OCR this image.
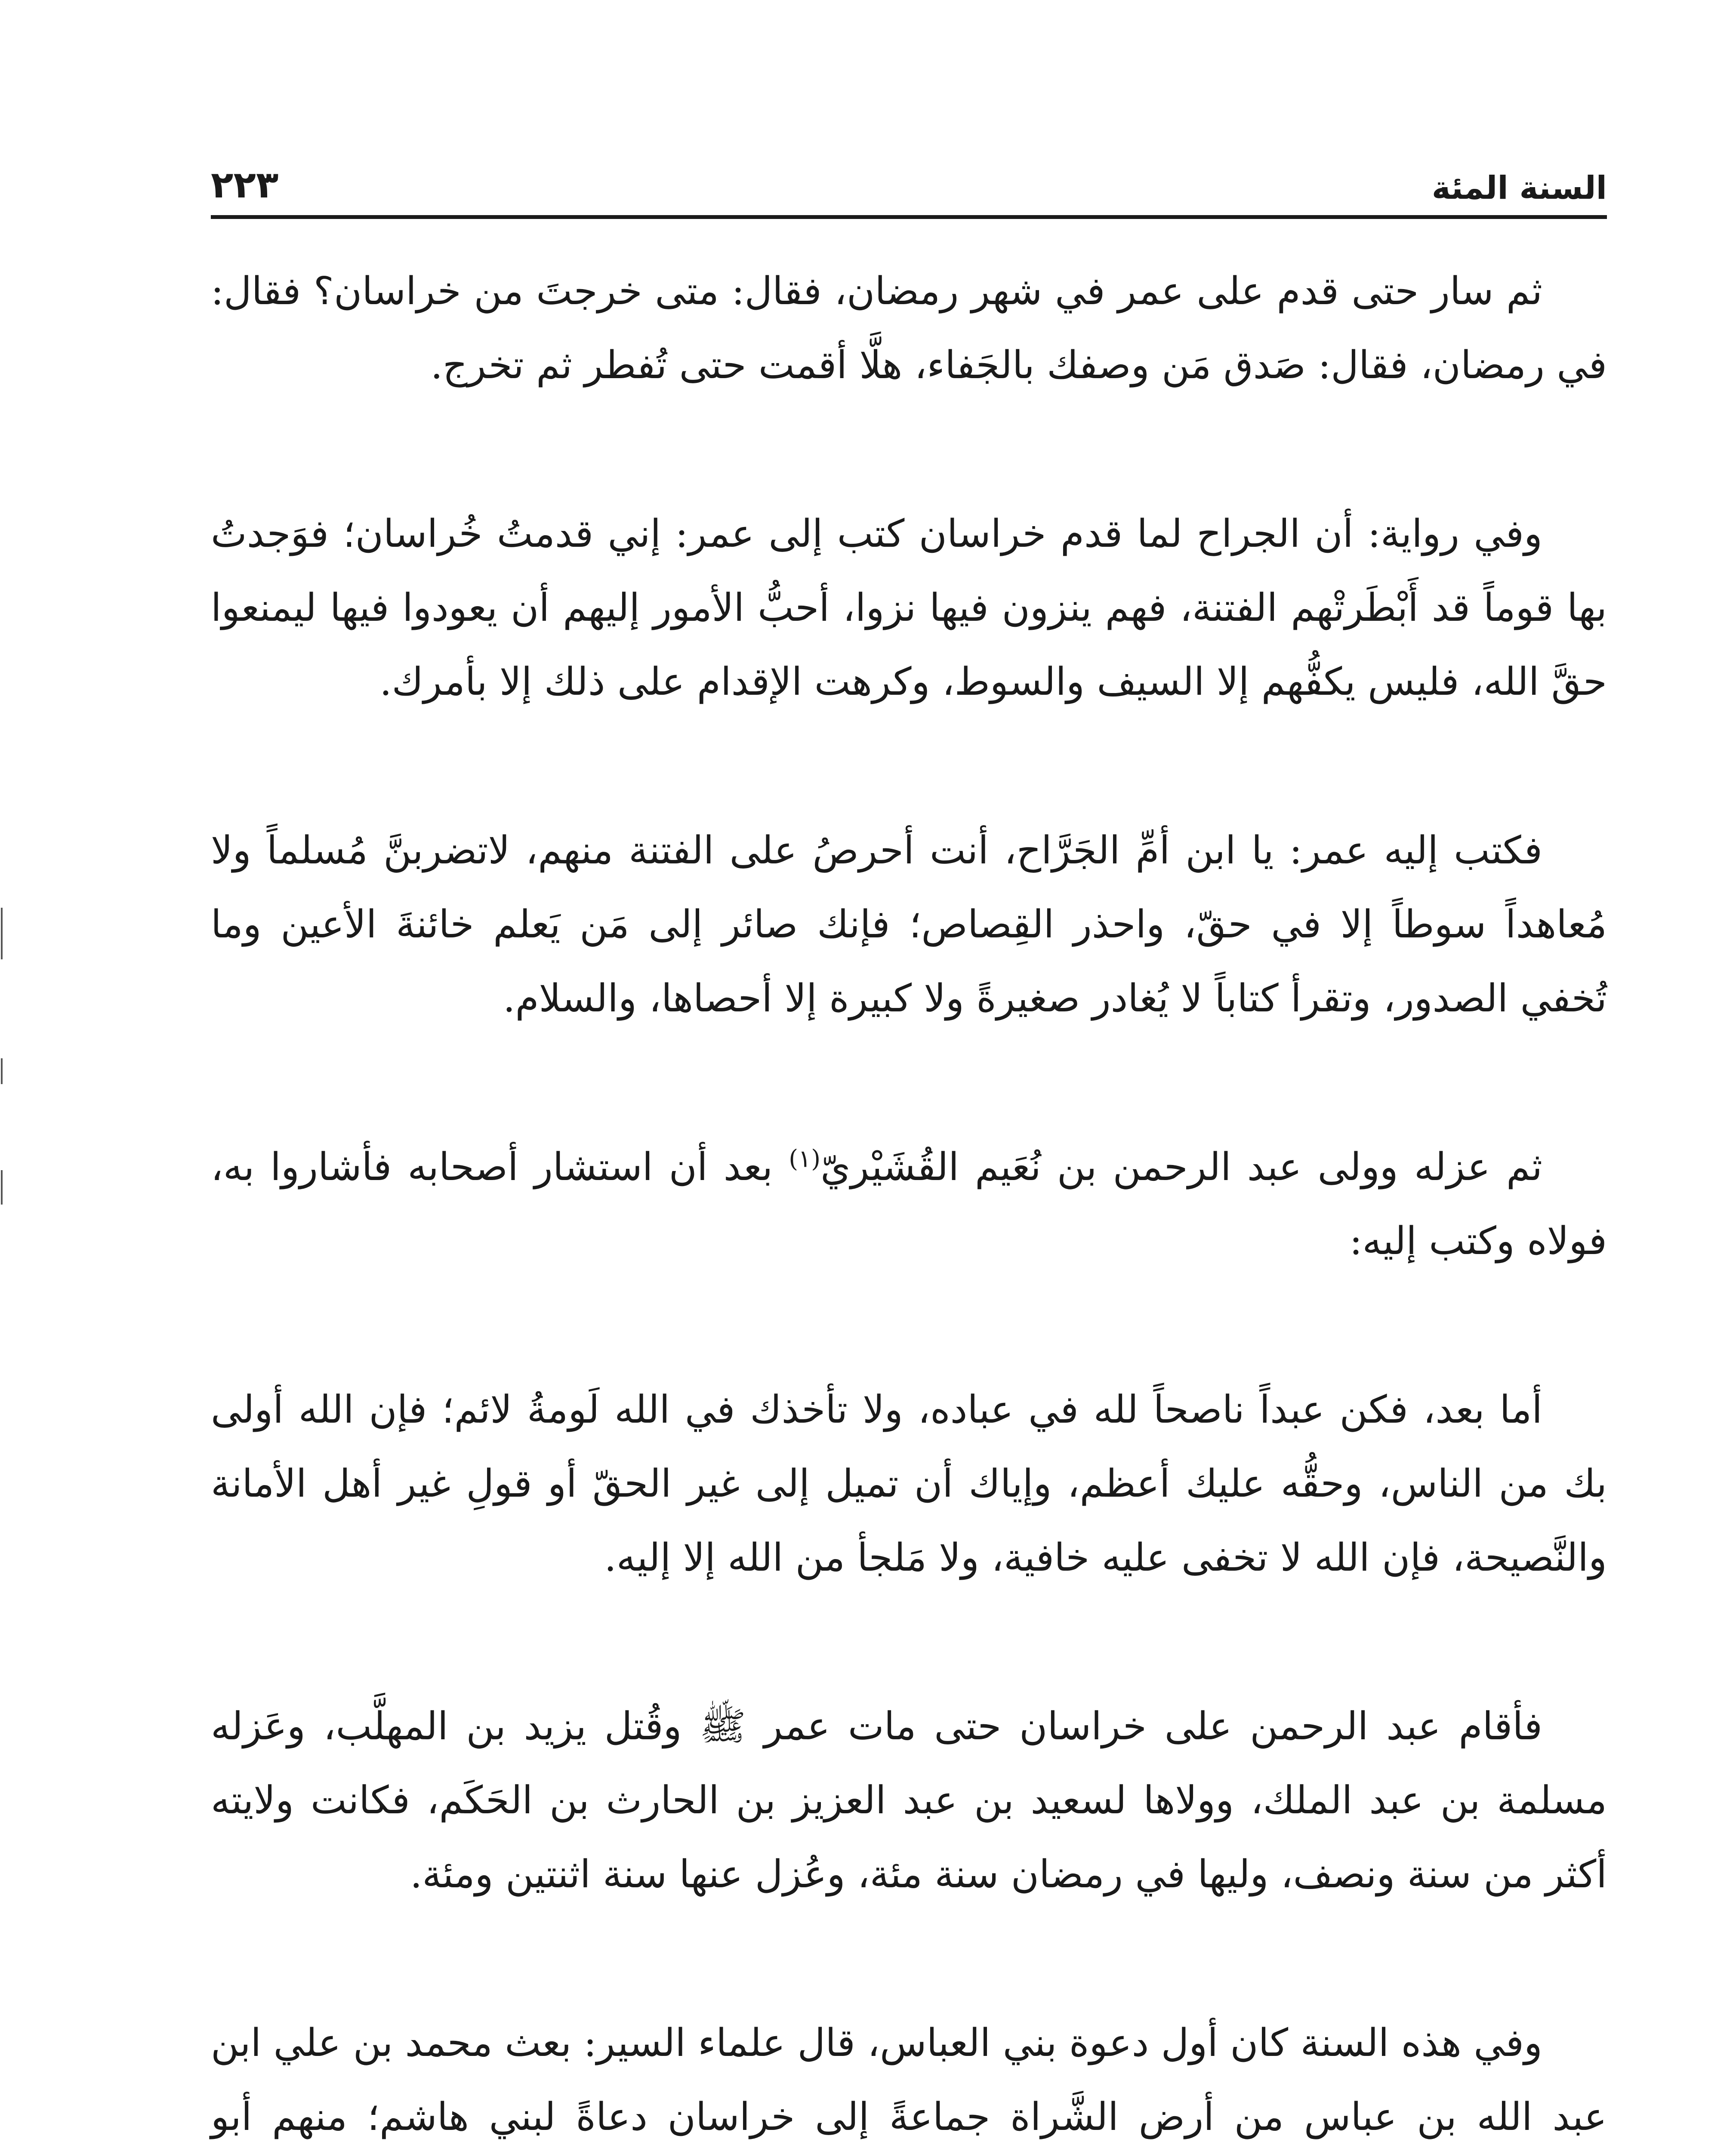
السنة المئة
٢٢٣

ثم سار حتى قدم على عمر في شهر رمضان، فقال: متى خرجتَ من خراسان؟ فقال: في رمضان، فقال: صَدق مَن وصفك بالجَفاء، هلَّا أقمت حتى تُفطر ثم تخرج.

وفي رواية: أن الجراح لما قدم خراسان كتب إلى عمر: إني قدمتُ خُراسان؛ فوَجدتُ بها قوماً قد أَبْطَرتْهم الفتنة، فهم ينزون فيها نزوا، أحبُّ الأمور إليهم أن يعودوا فيها ليمنعوا حقَّ الله، فليس يكفُّهم إلا السيف والسوط، وكرهت الإقدام على ذلك إلا بأمرك.

فكتب إليه عمر: يا ابن أمِّ الجَرَّاح، أنت أحرصُ على الفتنة منهم، لاتضربنَّ مُسلماً ولا مُعاهداً سوطاً إلا في حقّ، واحذر القِصاص؛ فإنك صائر إلى مَن يَعلم خائنةَ الأعين وما تُخفي الصدور، وتقرأ كتاباً لا يُغادر صغيرةً ولا كبيرة إلا أحصاها، والسلام.

ثم عزله وولى عبد الرحمن بن نُعَيم القُشَيْريّ$^{(١)}$ بعد أن استشار أصحابه فأشاروا به، فولاه وكتب إليه:

أما بعد، فكن عبداً ناصحاً لله في عباده، ولا تأخذك في الله لَومةُ لائم؛ فإن الله أولى بك من الناس، وحقُّه عليك أعظم، وإياك أن تميل إلى غير الحقّ أو قولِ غير أهل الأمانة والنَّصيحة، فإن الله لا تخفى عليه خافية، ولا مَلجأ من الله إلا إليه.

فأقام عبد الرحمن على خراسان حتى مات عمر ﷺ وقُتل يزيد بن المهلَّب، وعَزله مسلمة بن عبد الملك، وولاها لسعيد بن عبد العزيز بن الحارث بن الحَكَم، فكانت ولايته أكثر من سنة ونصف، وليها في رمضان سنة مئة، وعُزل عنها سنة اثنتين ومئة.

وفي هذه السنة كان أول دعوة بني العباس، قال علماء السير: بعث محمد بن علي ابن عبد الله بن عباس من أرض الشَّراة جماعةً إلى خراسان دعاةً لبني هاشم؛ منهم أبو
